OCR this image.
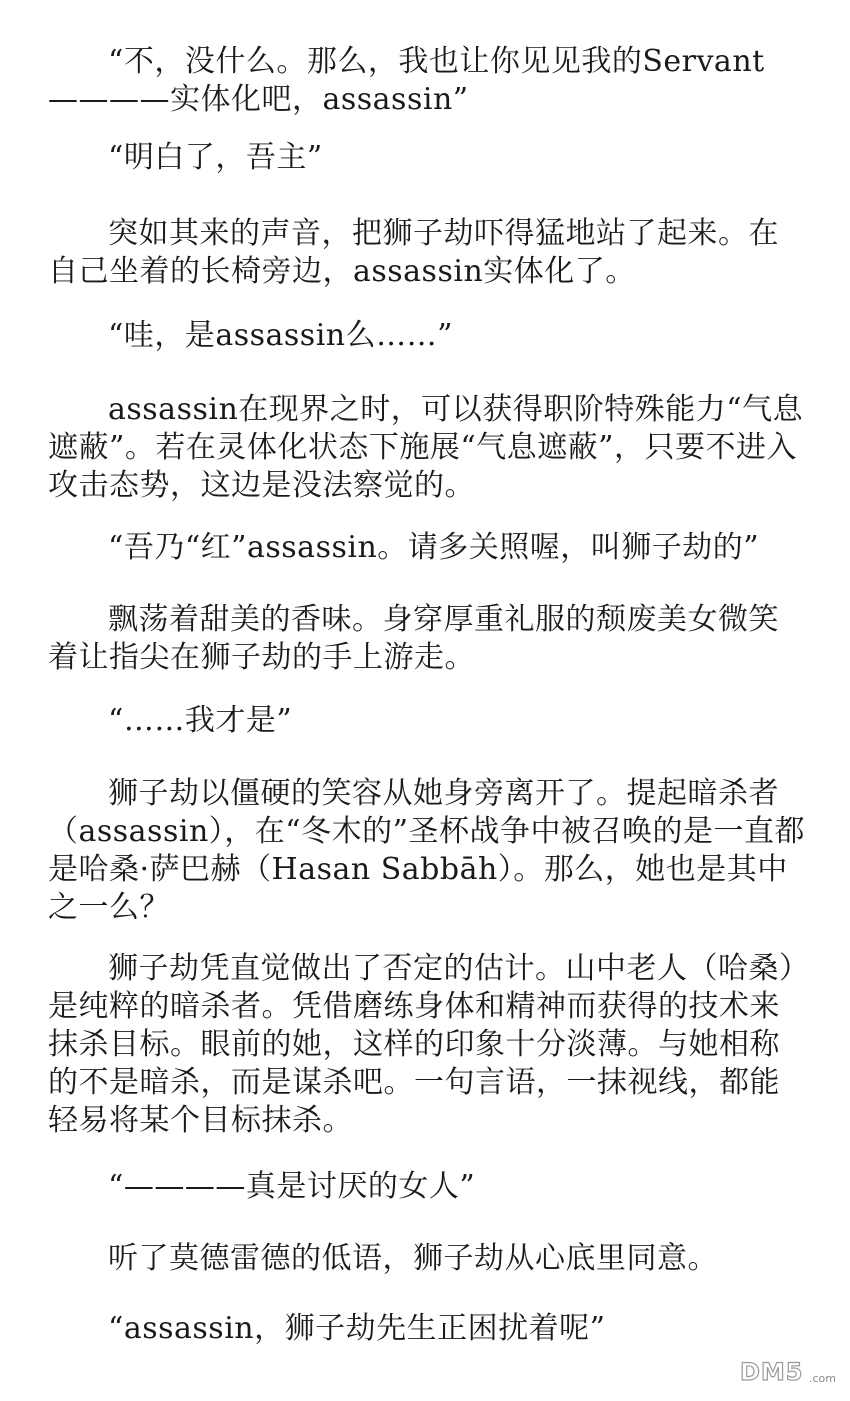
“不，没什么。那么，我也让你见见我的Servant————实体化吧，assassin”

“明白了，吾主”

突如其来的声音，把狮子劫吓得猛地站了起来。在自己坐着的长椅旁边，assassin实体化了。

“哇，是assassin么……”

assassin在现界之时，可以获得职阶特殊能力“气息遮蔽”。若在灵体化状态下施展“气息遮蔽”，只要不进入攻击态势，这边是没法察觉的。

“吾乃“红”assassin。请多关照喔，叫狮子劫的”

飘荡着甜美的香味。身穿厚重礼服的颓废美女微笑着让指尖在狮子劫的手上游走。

“……我才是”

狮子劫以僵硬的笑容从她身旁离开了。提起暗杀者（assassin），在“冬木的”圣杯战争中被召唤的是一直都是哈桑·萨巴赫（Hasan Sabbāh）。那么，她也是其中之一么？

狮子劫凭直觉做出了否定的估计。山中老人（哈桑）是纯粹的暗杀者。凭借磨练身体和精神而获得的技术来抹杀目标。眼前的她，这样的印象十分淡薄。与她相称的不是暗杀，而是谋杀吧。一句言语，一抹视线，都能轻易将某个目标抹杀。

“————真是讨厌的女人”

听了莫德雷德的低语，狮子劫从心底里同意。

“assassin，狮子劫先生正困扰着呢”

DM5 .com
